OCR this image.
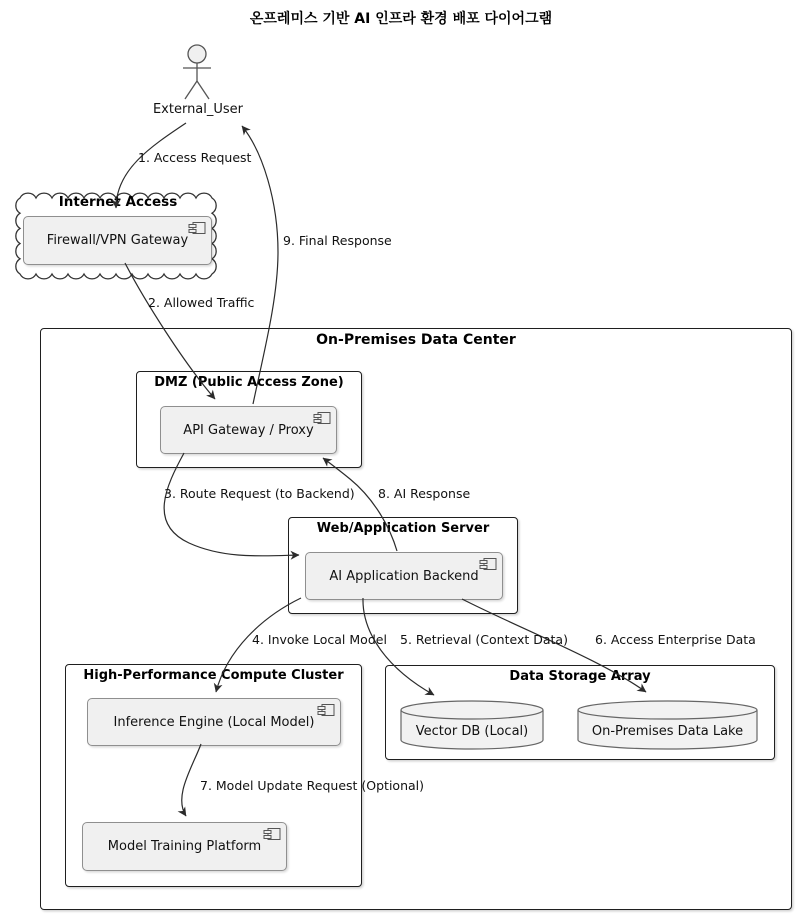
온프레미스 기반 AI 인프라 환경 배포 다이어그램
External_User
Internet Access
Firewall/VPN Gateway
On-Premises Data Center
DMZ (Public Access Zone)
API Gateway / Proxy
Web/Application Server
AI Application Backend
High-Performance Compute Cluster
Inference Engine (Local Model)
Model Training Platform
Data Storage Array
Vector DB (Local)	On-Premises Data Lake
1. Access Request
2. Allowed Traffic
3. Route Request (to Backend)
4. Invoke Local Model 5. Retrieval (Context Data) 6. Access Enterprise Data
7. Model Update Request (Optional)
8. AI Response
9. Final Response
